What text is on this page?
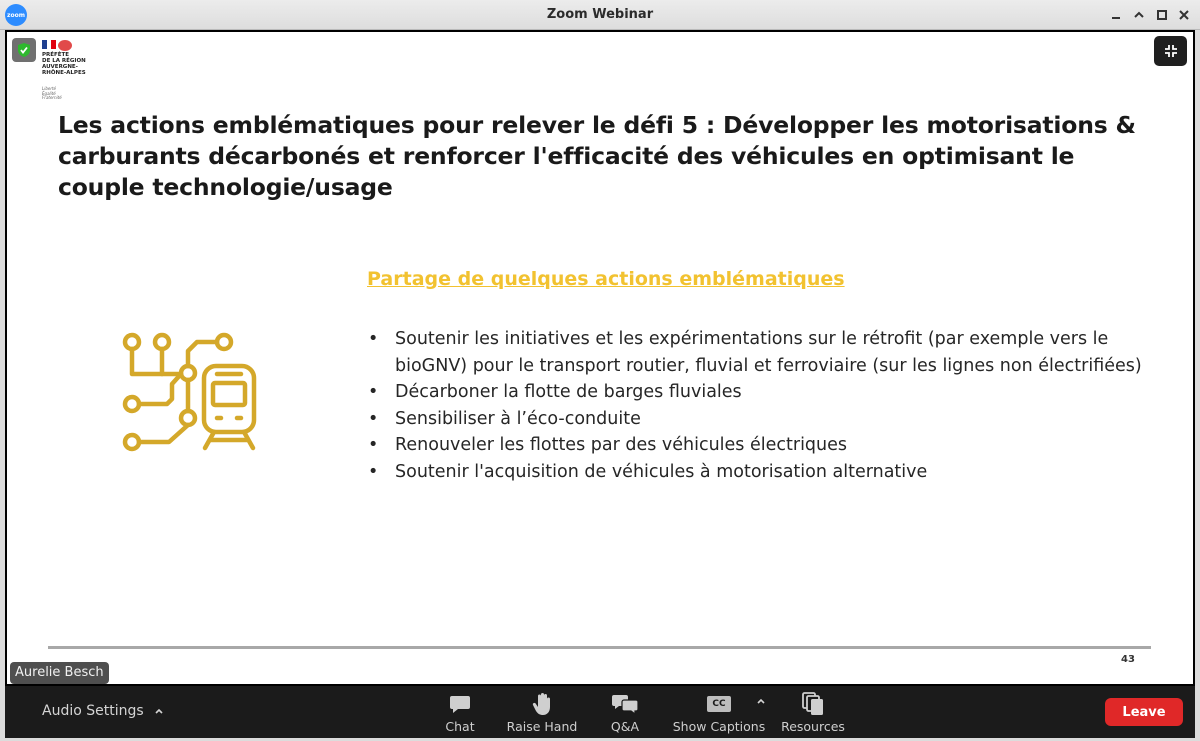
zoom	Zoom Webinar
PRÉFÈTE
DE LA RÉGION
AUVERGNE-
RHÔNE-ALPES
Liberté
Égalité
Fraternité
Les actions emblématiques pour relever le défi 5 : Développer les motorisations & carburants décarbonés et renforcer l'efficacité des véhicules en optimisant le couple technologie/usage
Partage de quelques actions emblématiques
• Soutenir les initiatives et les expérimentations sur le rétrofit (par exemple vers le bioGNV) pour le transport routier, fluvial et ferroviaire (sur les lignes non électrifiées)
• Décarboner la flotte de barges fluviales
• Sensibiliser à l’éco-conduite
• Renouveler les flottes par des véhicules électriques
• Soutenir l'acquisition de véhicules à motorisation alternative
43
Aurelie Besch
Audio Settings
Chat	Raise Hand	Q&A
CC
Show Captions Resources
Leave
